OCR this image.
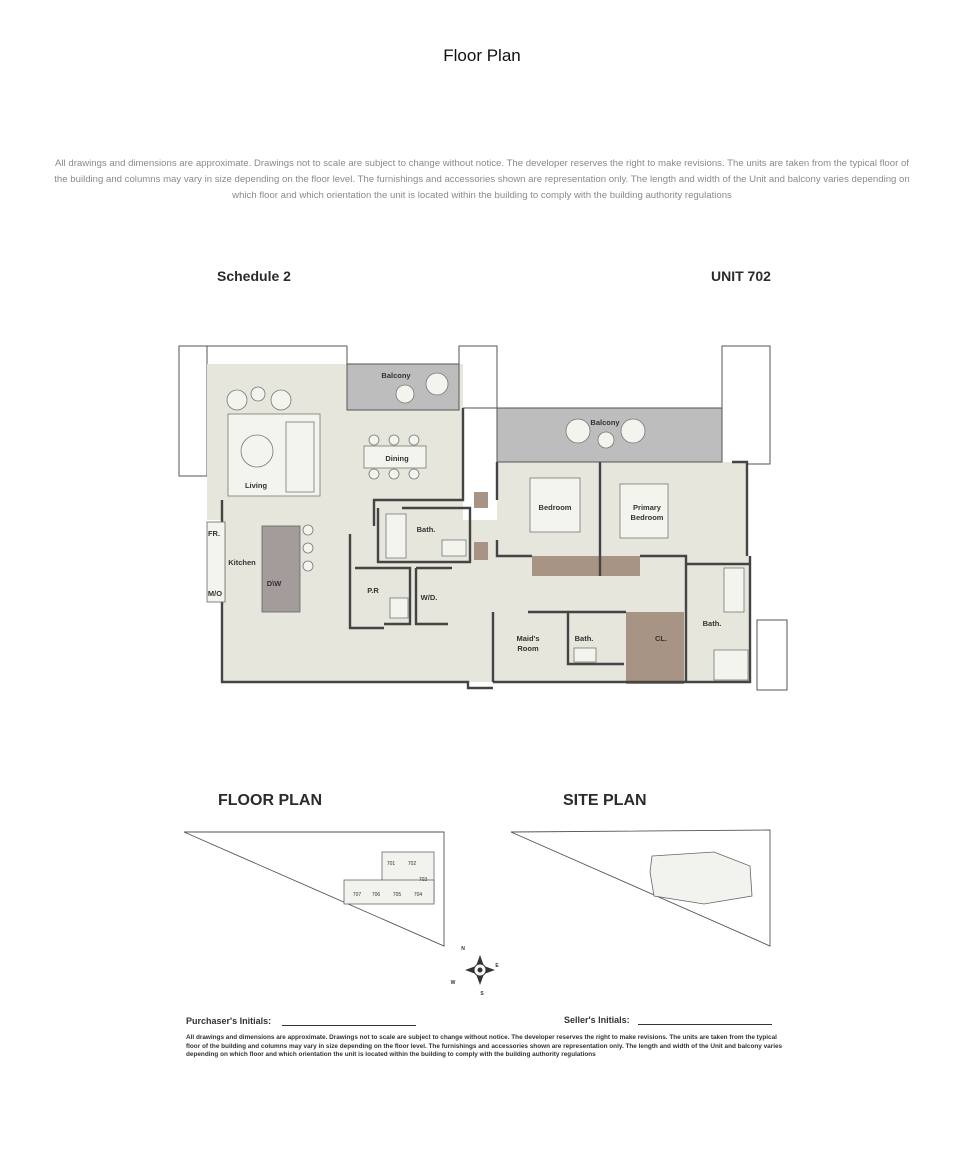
Floor Plan
All drawings and dimensions are approximate. Drawings not to scale are subject to change without notice. The developer reserves the right to make revisions. The units are taken from the typical floor of the building and columns may vary in size depending on the floor level. The furnishings and accessories shown are representation only. The length and width of the Unit and balcony varies depending on which floor and which orientation the unit is located within the building to comply with the building authority regulations
Schedule 2	UNIT 702
Balcony
Balcony
Living
Dining
Kitchen
FR.
M/O
D\W
Bath.
P.R
W/D.
Bedroom	Primary
Bedroom
Maid's
Room
Bath.	CL.
Bath.
FLOOR PLAN	SITE PLAN
701	702
703
707 706	705	704
N
E
S
W
Purchaser's Initials:	Seller's Initials:
All drawings and dimensions are approximate. Drawings not to scale are subject to change without notice. The developer reserves the right to make revisions. The units are taken from the typical floor of the building and columns may vary in size depending on the floor level. The furnishings and accessories shown are representation only. The length and width of the Unit and balcony varies depending on which floor and which orientation the unit is located within the building to comply with the building authority regulations
